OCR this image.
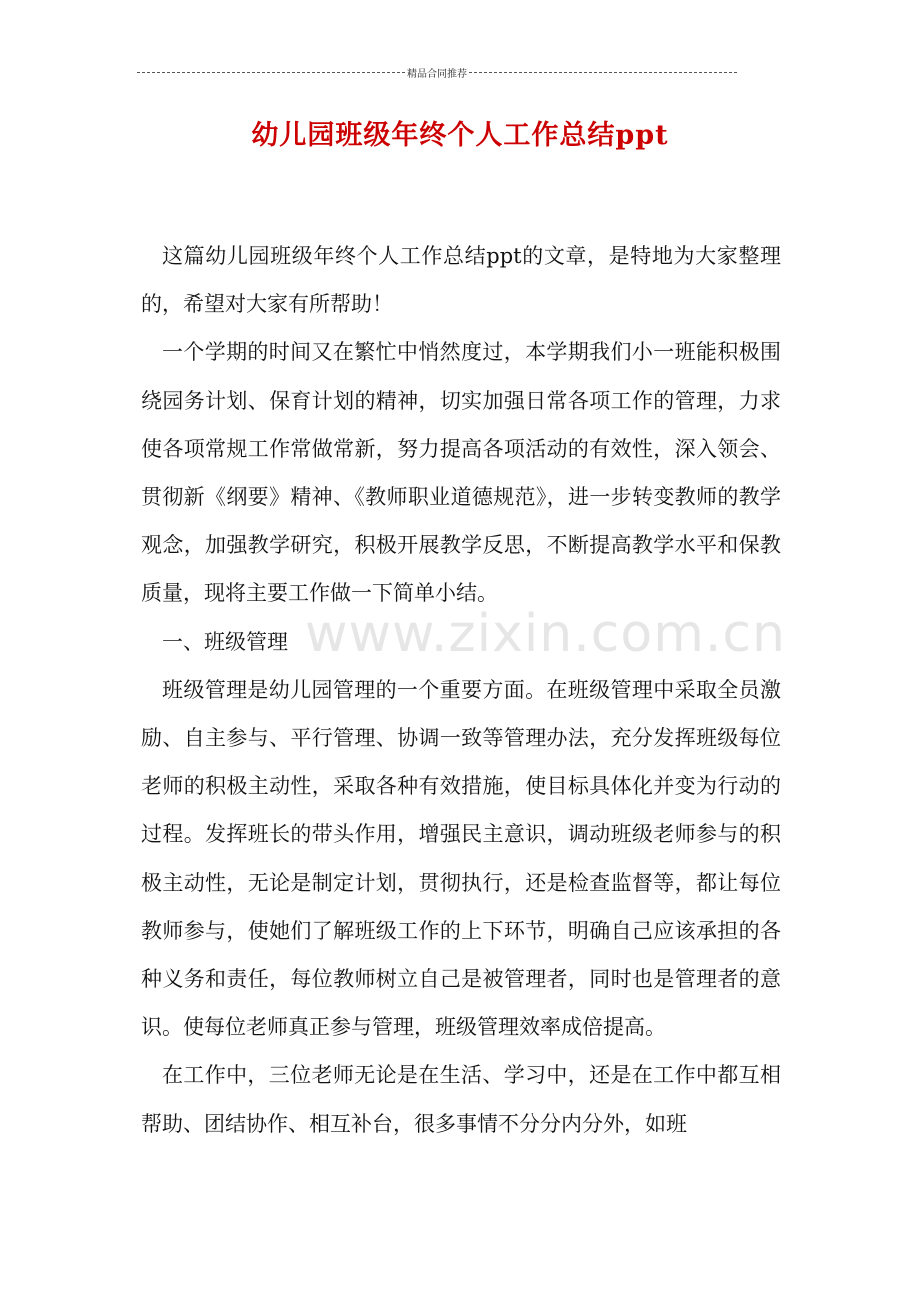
精品合同推荐
幼儿园班级年终个人工作总结ppt
www.zixin.com.cn

这篇幼儿园班级年终个人工作总结ppt的文章，是特地为大家整理的，希望对大家有所帮助！

一个学期的时间又在繁忙中悄然度过，本学期我们小一班能积极围绕园务计划、保育计划的精神，切实加强日常各项工作的管理，力求使各项常规工作常做常新，努力提高各项活动的有效性，深入领会、贯彻新《纲要》精神、《教师职业道德规范》，进一步转变教师的教学观念，加强教学研究，积极开展教学反思，不断提高教学水平和保教质量，现将主要工作做一下简单小结。

一、班级管理

班级管理是幼儿园管理的一个重要方面。在班级管理中采取全员激励、自主参与、平行管理、协调一致等管理办法，充分发挥班级每位老师的积极主动性，采取各种有效措施，使目标具体化并变为行动的过程。发挥班长的带头作用，增强民主意识，调动班级老师参与的积极主动性，无论是制定计划，贯彻执行，还是检查监督等，都让每位教师参与，使她们了解班级工作的上下环节，明确自己应该承担的各种义务和责任，每位教师树立自己是被管理者，同时也是管理者的意识。使每位老师真正参与管理，班级管理效率成倍提高。

在工作中，三位老师无论是在生活、学习中，还是在工作中都互相帮助、团结协作、相互补台，很多事情不分分内分外，如班
